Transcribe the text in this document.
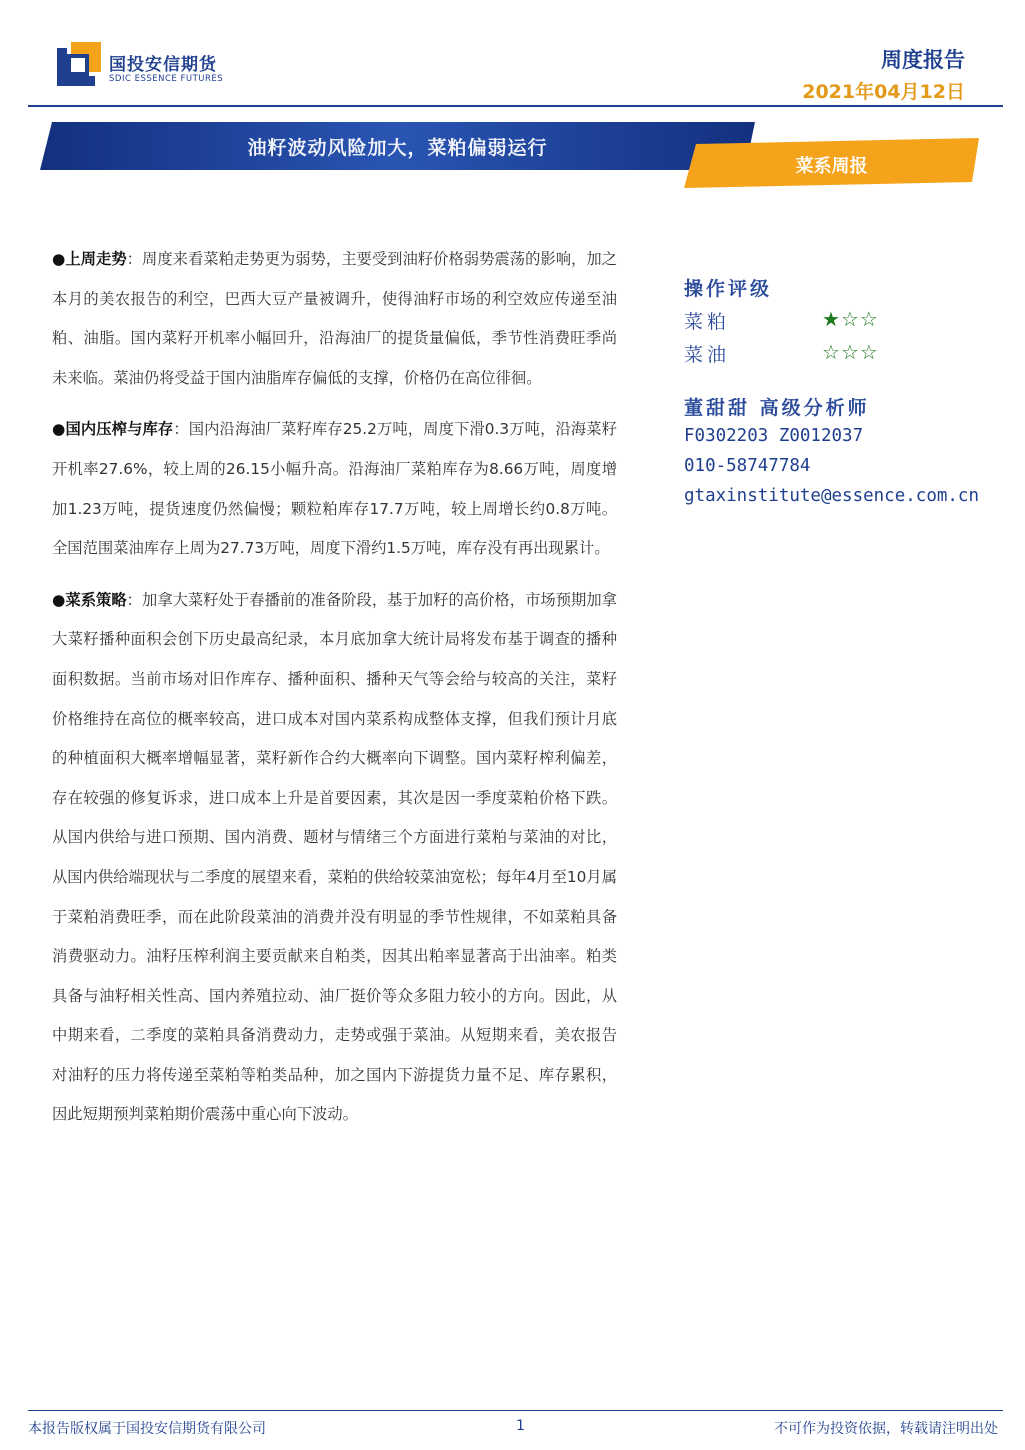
国投安信期货
SDIC ESSENCE FUTURES
周度报告
2021年04月12日
油籽波动风险加大，菜粕偏弱运行
菜系周报

●上周走势：周度来看菜粕走势更为弱势，主要受到油籽价格弱势震荡的影响，加之本月的美农报告的利空，巴西大豆产量被调升，使得油籽市场的利空效应传递至油粕、油脂。国内菜籽开机率小幅回升，沿海油厂的提货量偏低，季节性消费旺季尚未来临。菜油仍将受益于国内油脂库存偏低的支撑，价格仍在高位徘徊。

●国内压榨与库存：国内沿海油厂菜籽库存25.2万吨，周度下滑0.3万吨，沿海菜籽开机率27.6%，较上周的26.15小幅升高。沿海油厂菜粕库存为8.66万吨，周度增加1.23万吨，提货速度仍然偏慢；颗粒粕库存17.7万吨，较上周增长约0.8万吨。全国范围菜油库存上周为27.73万吨，周度下滑约1.5万吨，库存没有再出现累计。

●菜系策略：加拿大菜籽处于春播前的准备阶段，基于加籽的高价格，市场预期加拿大菜籽播种面积会创下历史最高纪录，本月底加拿大统计局将发布基于调查的播种面积数据。当前市场对旧作库存、播种面积、播种天气等会给与较高的关注，菜籽价格维持在高位的概率较高，进口成本对国内菜系构成整体支撑，但我们预计月底的种植面积大概率增幅显著，菜籽新作合约大概率向下调整。国内菜籽榨利偏差，存在较强的修复诉求，进口成本上升是首要因素，其次是因一季度菜粕价格下跌。从国内供给与进口预期、国内消费、题材与情绪三个方面进行菜粕与菜油的对比，从国内供给端现状与二季度的展望来看，菜粕的供给较菜油宽松；每年4月至10月属于菜粕消费旺季，而在此阶段菜油的消费并没有明显的季节性规律，不如菜粕具备消费驱动力。油籽压榨利润主要贡献来自粕类，因其出粕率显著高于出油率。粕类具备与油籽相关性高、国内养殖拉动、油厂挺价等众多阻力较小的方向。因此，从中期来看，二季度的菜粕具备消费动力，走势或强于菜油。从短期来看，美农报告对油籽的压力将传递至菜粕等粕类品种，加之国内下游提货力量不足、库存累积，因此短期预判菜粕期价震荡中重心向下波动。

操作评级
菜粕	★☆☆
菜油	☆☆☆
董甜甜 高级分析师
F0302203 Z0012037
010-58747784
gtaxinstitute@essence.com.cn
本报告版权属于国投安信期货有限公司	1	不可作为投资依据，转载请注明出处
